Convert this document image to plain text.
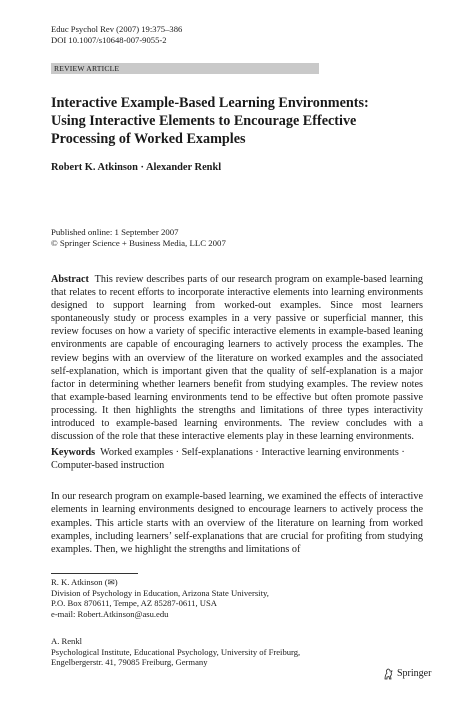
Educ Psychol Rev (2007) 19:375–386
DOI 10.1007/s10648-007-9055-2
REVIEW ARTICLE
Interactive Example-Based Learning Environments:
Using Interactive Elements to Encourage Effective
Processing of Worked Examples
Robert K. Atkinson · Alexander Renkl
Published online: 1 September 2007
© Springer Science + Business Media, LLC 2007
Abstract This review describes parts of our research program on example-based learning that relates to recent efforts to incorporate interactive elements into learning environments designed to support learning from worked-out examples. Since most learners spontaneously study or process examples in a very passive or superficial manner, this review focuses on how a variety of specific interactive elements in example-based leaning environments are capable of encouraging learners to actively process the examples. The review begins with an overview of the literature on worked examples and the associated self-explanation, which is important given that the quality of self-explanation is a major factor in determining whether learners benefit from studying examples. The review notes that example-based learning environments tend to be effective but often promote passive processing. It then highlights the strengths and limitations of three types interactivity introduced to example-based learning environments. The review concludes with a discussion of the role that these interactive elements play in these learning environments.
Keywords Worked examples · Self-explanations · Interactive learning environments · Computer-based instruction
In our research program on example-based learning, we examined the effects of interactive elements in learning environments designed to encourage learners to actively process the examples. This article starts with an overview of the literature on learning from worked examples, including learners’ self-explanations that are crucial for profiting from studying examples. Then, we highlight the strengths and limitations of
R. K. Atkinson (✉)
Division of Psychology in Education, Arizona State University,
P.O. Box 870611, Tempe, AZ 85287-0611, USA
e-mail: Robert.Atkinson@asu.edu
A. Renkl
Psychological Institute, Educational Psychology, University of Freiburg,
Engelbergerstr. 41, 79085 Freiburg, Germany
Springer
